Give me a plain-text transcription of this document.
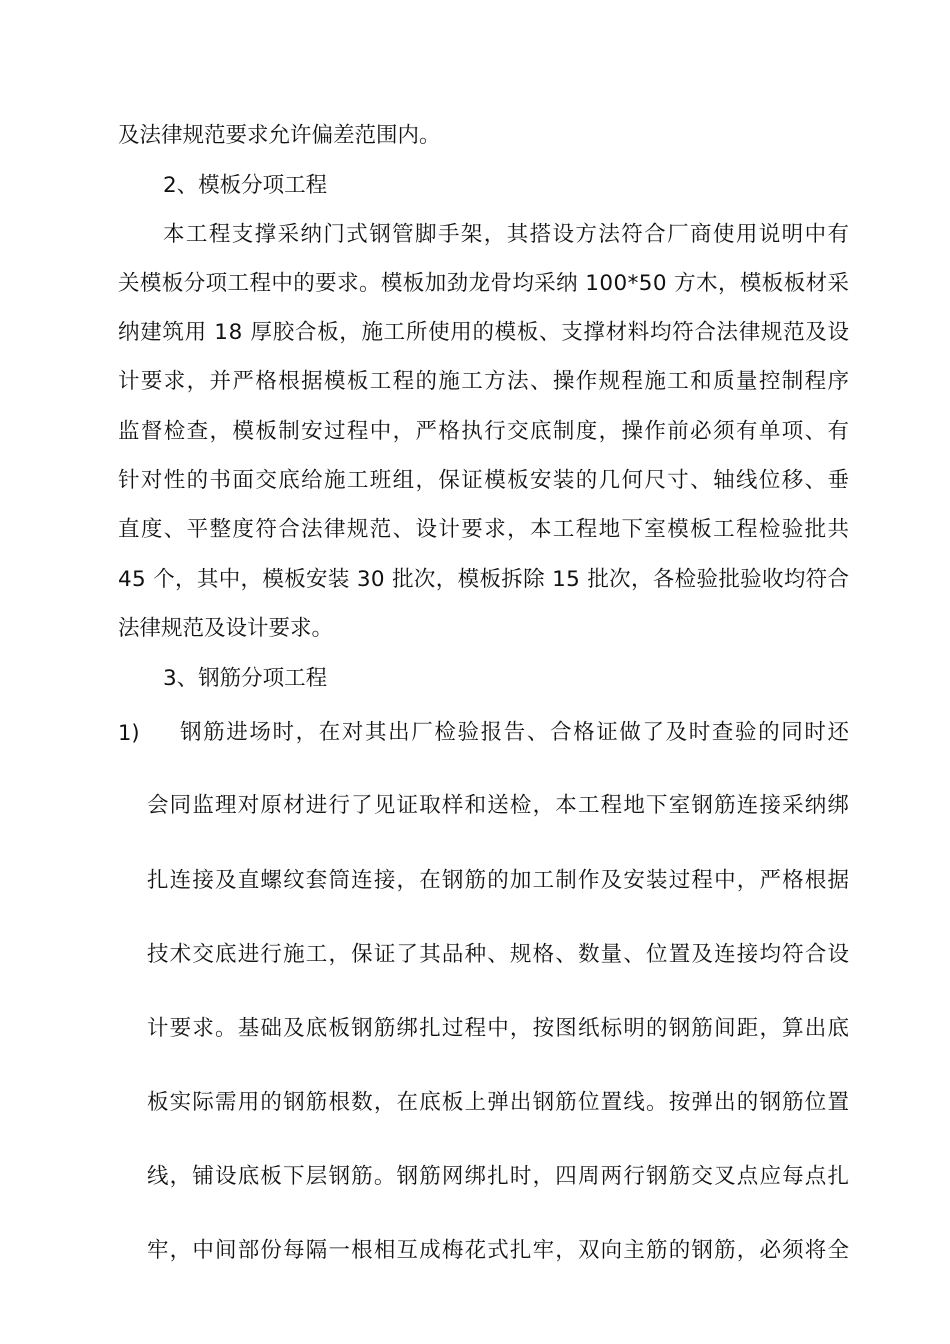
及法律规范要求允许偏差范围内。
2、模板分项工程
本工程支撑采纳门式钢管脚手架，其搭设方法符合厂商使用说明中有
关模板分项工程中的要求。模板加劲龙骨均采纳 100*50 方木，模板板材采
纳建筑用 18 厚胶合板，施工所使用的模板、支撑材料均符合法律规范及设
计要求，并严格根据模板工程的施工方法、操作规程施工和质量控制程序
监督检查，模板制安过程中，严格执行交底制度，操作前必须有单项、有
针对性的书面交底给施工班组，保证模板安装的几何尺寸、轴线位移、垂
直度、平整度符合法律规范、设计要求，本工程地下室模板工程检验批共
45 个，其中，模板安装 30 批次，模板拆除 15 批次，各检验批验收均符合
法律规范及设计要求。
3、钢筋分项工程
1) 钢筋进场时，在对其出厂检验报告、合格证做了及时查验的同时还
会同监理对原材进行了见证取样和送检，本工程地下室钢筋连接采纳绑
扎连接及直螺纹套筒连接，在钢筋的加工制作及安装过程中，严格根据
技术交底进行施工，保证了其品种、规格、数量、位置及连接均符合设
计要求。基础及底板钢筋绑扎过程中，按图纸标明的钢筋间距，算出底
板实际需用的钢筋根数，在底板上弹出钢筋位置线。按弹出的钢筋位置
线，铺设底板下层钢筋。钢筋网绑扎时，四周两行钢筋交叉点应每点扎
牢，中间部份每隔一根相互成梅花式扎牢，双向主筋的钢筋，必须将全
